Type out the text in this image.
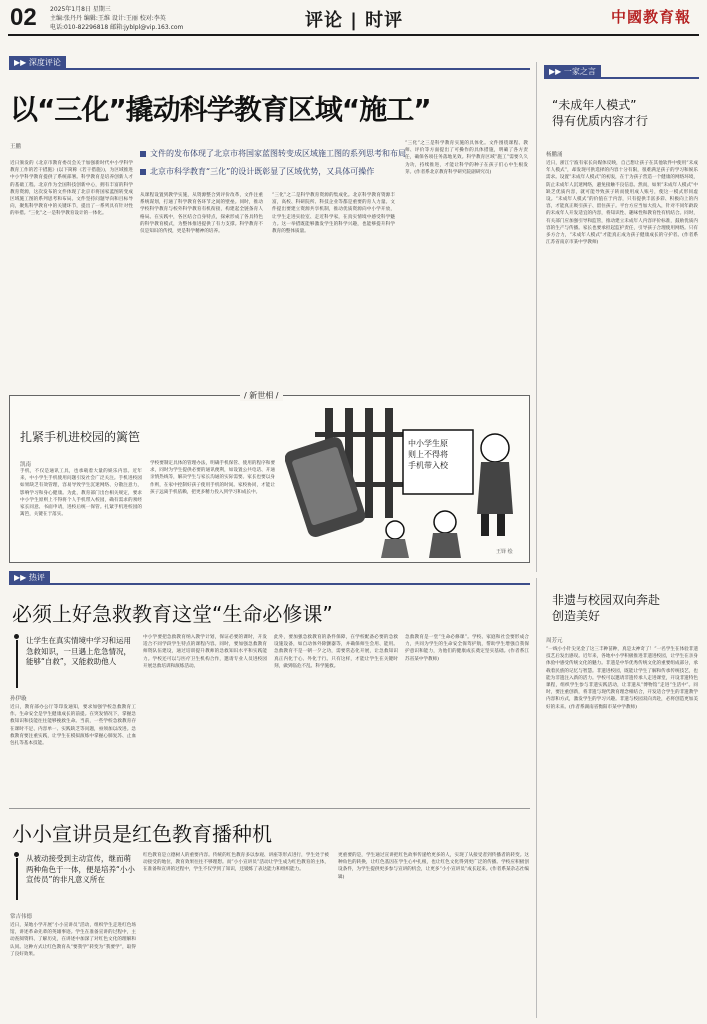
02 2025年1月8日 星期三
主编:张丹丹 编辑:王维 设计:王丽 校对:李英
电话:010-82296818 邮箱:jyblpl@vip.163.com	评论 | 时评	中國教育報
▶▶ 深度评论
以“三化”撬动科学教育区域“施工”
王鹏
文件的发布体现了北京市将国家蓝图转变成区域施工图的系列思考和布局
北京市科学教育“三化”的设计既彰显了区域优势，又具体可操作
近日颁发的《北京市教育委员会关于加强新时代中小学科学教育工作的若干措施》(以下简称《若干措施》)，为区域推进中小学科学教育提供了系统部署。科学教育是培养创新人才的基础工程。北京作为全国科技创新中心，拥有丰富的科学教育资源，这次发布的文件体现了北京市将国家蓝图转变成区域施工图的系列思考和布局。文件坚持问题导向和目标导向，聚焦科学教育中的关键环节，提出了一系列具有针对性的举措。“三化”之一是科学教育设计的一体化。
从课程设置到教学实施，从资源整合到评价改革，文件注重系统谋划，打通了科学教育各环节之间的壁垒。同时，推动学校科学教育与校外科学教育有机衔接，构建起全链条育人格局。在实践中，各区结合自身特点，探索形成了各具特色的科学教育模式，为整体推进提供了有力支撑。科学教育不仅是知识的传授，更是科学精神的培养。
“三化”之二是科学教育资源的集成化。北京科学教育资源丰富，高校、科研院所、科技企业等都是重要的育人力量。文件提出要建立资源共享机制，推动优质资源向中小学开放，让学生走进实验室、走近科学家，在真实情境中感受科学魅力。这一举措既能够激发学生的科学兴趣，也能够提升科学教育的整体质量。
“三化”之三是科学教育实施的具体化。文件围绕课程、教师、评价等方面提出了可操作的具体措施，明确了各方责任，确保各项任务落地见效。科学教育区域“施工”需要久久为功，持续推进，才能让科学的种子在孩子们心中生根发芽。(作者系北京教育科学研究院副研究员)
▶▶ 一家之言
“未成年人模式”
得有优质内容才行
杨鹏涌
近日，浙江宁波有家长向媒体反映，自己想让孩子在其他软件中使用“未成年人模式”，却发现可供选择的内容十分有限，很难满足孩子的学习和娱乐需求。设置“未成年人模式”的初衷，在于为孩子营造一个健康的网络环境，防止未成年人沉迷网络，避免接触不良信息。然而，如果“未成年人模式”中缺乏优质内容，就可能导致孩子转而使用成人账号，使这一模式形同虚设。“未成年人模式”的价值在于内容，只有提供丰富多彩、积极向上的内容，才能真正吸引孩子、留住孩子。平台方应当加大投入，针对不同年龄段的未成年人开发适宜的内容，将知识性、趣味性和教育性有机结合。同时，有关部门应加强引导和监管，推动建立未成年人内容评价标准，鼓励优质内容的生产与传播。家长也要承担起监护责任，引导孩子合理使用网络。只有多方合力，“未成年人模式”才能真正成为孩子健康成长的守护者。(作者系江苏省南京市某中学教师)
/ 新世相 /
扎紧手机进校园的篱笆
凯南
手机，不仅是通讯工具，也承载着大量的娱乐内容。近年来，中小学生手机使用问题引发社会广泛关注。手机进校园如果缺乏有效管理，容易导致学生沉迷网络、分散注意力，影响学习和身心健康。为此，教育部门出台相关规定，要求中小学生原则上不得将个人手机带入校园，确有需求的须经家长同意、书面申请，进校后统一保管。扎紧手机进校园的篱笆，关键在于落实。
学校要制定具体的管理办法，明确手机保管、使用的程序和要求，同时为学生提供必要的通讯便利，如设置公共电话、开通亲情热线等，解决学生与家长沟通的实际需要。家长也要以身作则，在家中控制好孩子使用手机的时间。家校协同，才能让孩子远离手机依赖，把更多精力投入到学习和成长中。
中小学生原 则上不得将 手机带入校
王铎 绘
▶▶ 热评
必须上好急救教育这堂“生命必修课”
让学生在真实情境中学习和运用急救知识，一旦遇上危急情况，能够“自救”，又能救助他人
孙伊璇
近日，教育部办公厅等印发通知，要求加强学校急救教育工作。生命安全是学生健康成长的前提。在突发情况下，掌握急救知识和技能往往能够挽救生命。当前，一些学校急救教育存在课时不足、内容单一、实践缺乏等问题，亟须加以改进。急救教育要注重实践，让学生在模拟演练中掌握心肺复苏、止血包扎等基本技能。
中小学要把急救教育纳入教学计划，保证必要的课时，开发适合不同学段学生特点的课程内容。同时，要加强急救教育师资队伍建设，通过培训提升教师的急救知识水平和实践能力。学校还可以与医疗卫生机构合作，邀请专业人员进校园开展急救培训和演练活动。
此外，要加强急救教育的条件保障，在学校配备必要的急救设施设备，如自动体外除颤器等，并确保师生会用、能用。急救教育不是一朝一夕之功，需要常态化开展，让急救知识真正内化于心、外化于行。只有这样，才能让学生在关键时刻，做到临危不乱、科学施救。
急救教育是一堂“生命必修课”。学校、家庭和社会要形成合力，共同为学生的生命安全保驾护航，帮助学生增强自我保护意识和能力，为他们的健康成长奠定坚实基础。(作者系江苏省某中学教师)
小小宣讲员是红色教育播种机
从被动接受到主动宣传，继而萌两种角色于一体，便是培养“小小宣传员”的非凡意义所在
常吉伟德
近日，某地小学开展“小小宣讲员”活动，组织学生走进红色场馆，讲述革命先辈的英雄事迹。学生在准备宣讲的过程中，主动查阅资料、了解历史，在讲述中加深了对红色文化的理解和认同。这种方式让红色教育从“要我学”转变为“我要学”，取得了良好效果。
红色教育是立德树人的重要内容。传统的红色教育多以参观、讲座等形式进行，学生处于被动接受的地位，教育效果往往不够理想。而“小小宣讲员”活动让学生成为红色教育的主体，在准备和宣讲的过程中，学生不仅学到了知识，还锻炼了表达能力和组织能力。
更重要的是，学生通过宣讲把红色故事传递给更多的人，实现了从接受者到传播者的转变。这种角色的转换，让红色基因在学生心中扎根，也让红色文化得到更广泛的传播。学校应积极创设条件，为学生提供更多参与宣讲的机会，让更多“小小宣讲员”成长起来。(作者系某杂志社编辑)
非遗与校园双向奔赴
创造美好
周芳元
“一线小小针尖见金了这三丰种苗种，真是太神奇了！”一名学生在体验非遗技艺后发出感叹。近年来，各地中小学积极推进非遗进校园，让学生在亲身体验中感受传统文化的魅力。非遗是中华优秀传统文化的重要组成部分，承载着民族的记忆与智慧。非遗进校园，既能让学生了解和传承传统技艺，也能为非遗注入新的活力。学校可以邀请非遗传承人走进课堂，开设非遗特色课程，组织学生参与非遗实践活动，让非遗从“博物馆”走进“生活中”。同时，要注重创新，将非遗与现代教育理念相结合，开发适合学生的非遗教学内容和方式，激发学生的学习兴趣。非遗与校园双向奔赴，必将创造更加美好的未来。(作者系湖南省衡阳市某中学教师)
